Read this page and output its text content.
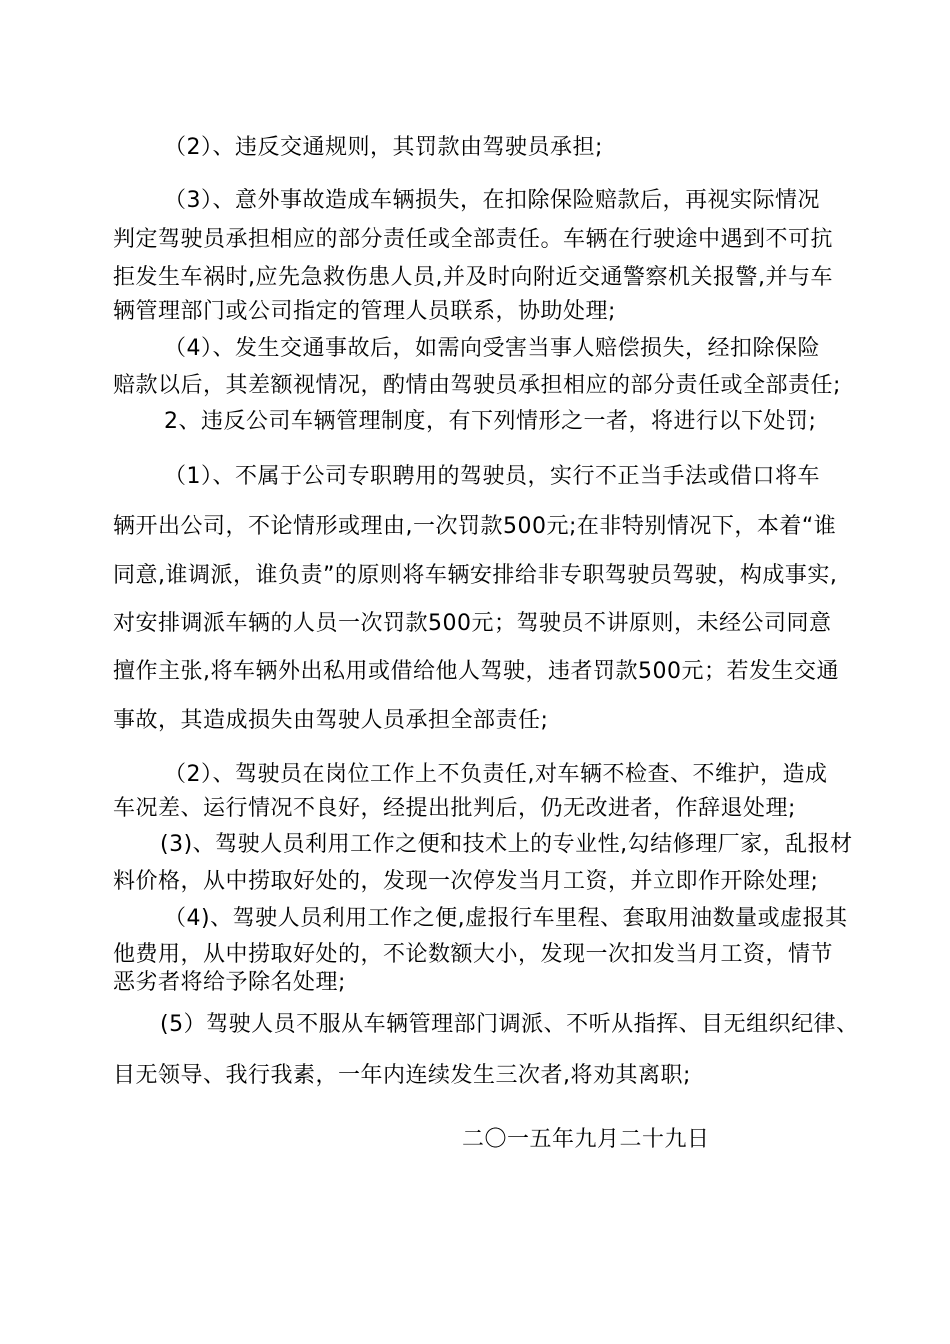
（2）、违反交通规则，其罚款由驾驶员承担;
（3）、意外事故造成车辆损失，在扣除保险赔款后，再视实际情况
判定驾驶员承担相应的部分责任或全部责任。车辆在行驶途中遇到不可抗
拒发生车祸时,应先急救伤患人员,并及时向附近交通警察机关报警,并与车
辆管理部门或公司指定的管理人员联系，协助处理;
（4）、发生交通事故后，如需向受害当事人赔偿损失，经扣除保险
赔款以后，其差额视情况，酌情由驾驶员承担相应的部分责任或全部责任;
2、违反公司车辆管理制度，有下列情形之一者，将进行以下处罚;
（1）、不属于公司专职聘用的驾驶员，实行不正当手法或借口将车
辆开出公司，不论情形或理由,一次罚款500元;在非特别情况下，本着“谁
同意,谁调派，谁负责”的原则将车辆安排给非专职驾驶员驾驶，构成事实,
对安排调派车辆的人员一次罚款500元；驾驶员不讲原则，未经公司同意
擅作主张,将车辆外出私用或借给他人驾驶，违者罚款500元；若发生交通
事故，其造成损失由驾驶人员承担全部责任;
（2）、驾驶员在岗位工作上不负责任,对车辆不检查、不维护，造成
车况差、运行情况不良好，经提出批判后，仍无改进者，作辞退处理;
(3)、驾驶人员利用工作之便和技术上的专业性,勾结修理厂家，乱报材
料价格，从中捞取好处的，发现一次停发当月工资，并立即作开除处理;
（4)、驾驶人员利用工作之便,虚报行车里程、套取用油数量或虚报其
他费用，从中捞取好处的，不论数额大小，发现一次扣发当月工资，情节
恶劣者将给予除名处理;
(5）驾驶人员不服从车辆管理部门调派、不听从指挥、目无组织纪律、
目无领导、我行我素，一年内连续发生三次者,将劝其离职;
二〇一五年九月二十九日
